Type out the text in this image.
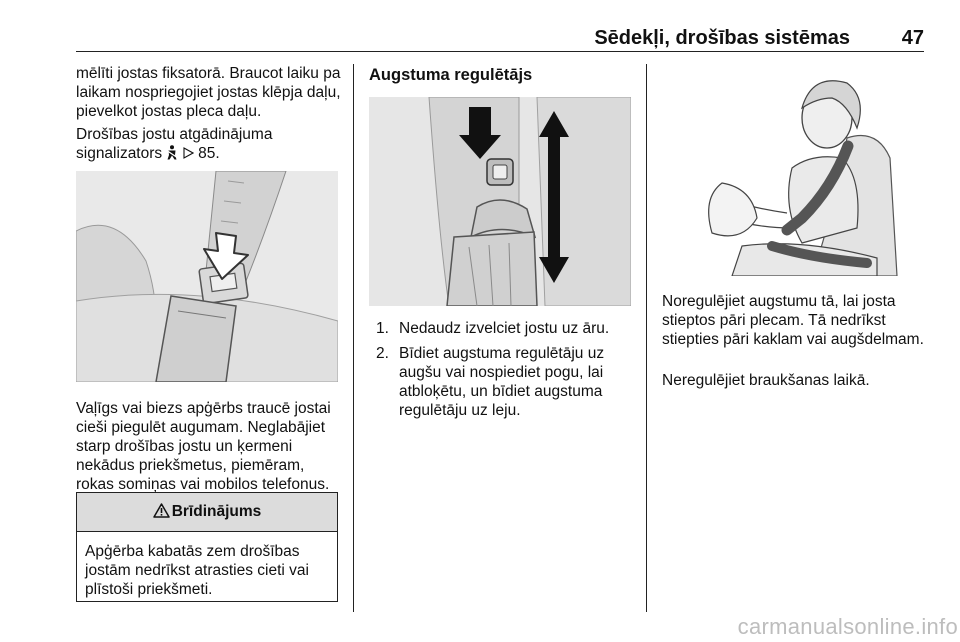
Sēdekļi, drošības sistēmas	47

mēlīti jostas fiksatorā. Braucot laiku pa laikam nospriegojiet jostas klēpja daļu, pievelkot jostas pleca daļu.

Drošības jostu atgādinājuma signalizators 85.

Vaļīgs vai biezs apģērbs traucē jostai cieši piegulēt augumam. Neglabājiet starp drošības jostu un ķermeni nekādus priekšmetus, piemēram, rokas somiņas vai mobilos telefonus.

Brīdinājums
Apģērba kabatās zem drošības jostām nedrīkst atrasties cieti vai plīstoši priekšmeti.
Augstuma regulētājs
1. Nedaudz izvelciet jostu uz āru.
2. Bīdiet augstuma regulētāju uz augšu vai nospiediet pogu, lai atbloķētu, un bīdiet augstuma regulētāju uz leju.

Noregulējiet augstumu tā, lai josta stieptos pāri plecam. Tā nedrīkst stiepties pāri kaklam vai augšdelmam.

Neregulējiet braukšanas laikā.

carmanualsonline.info
